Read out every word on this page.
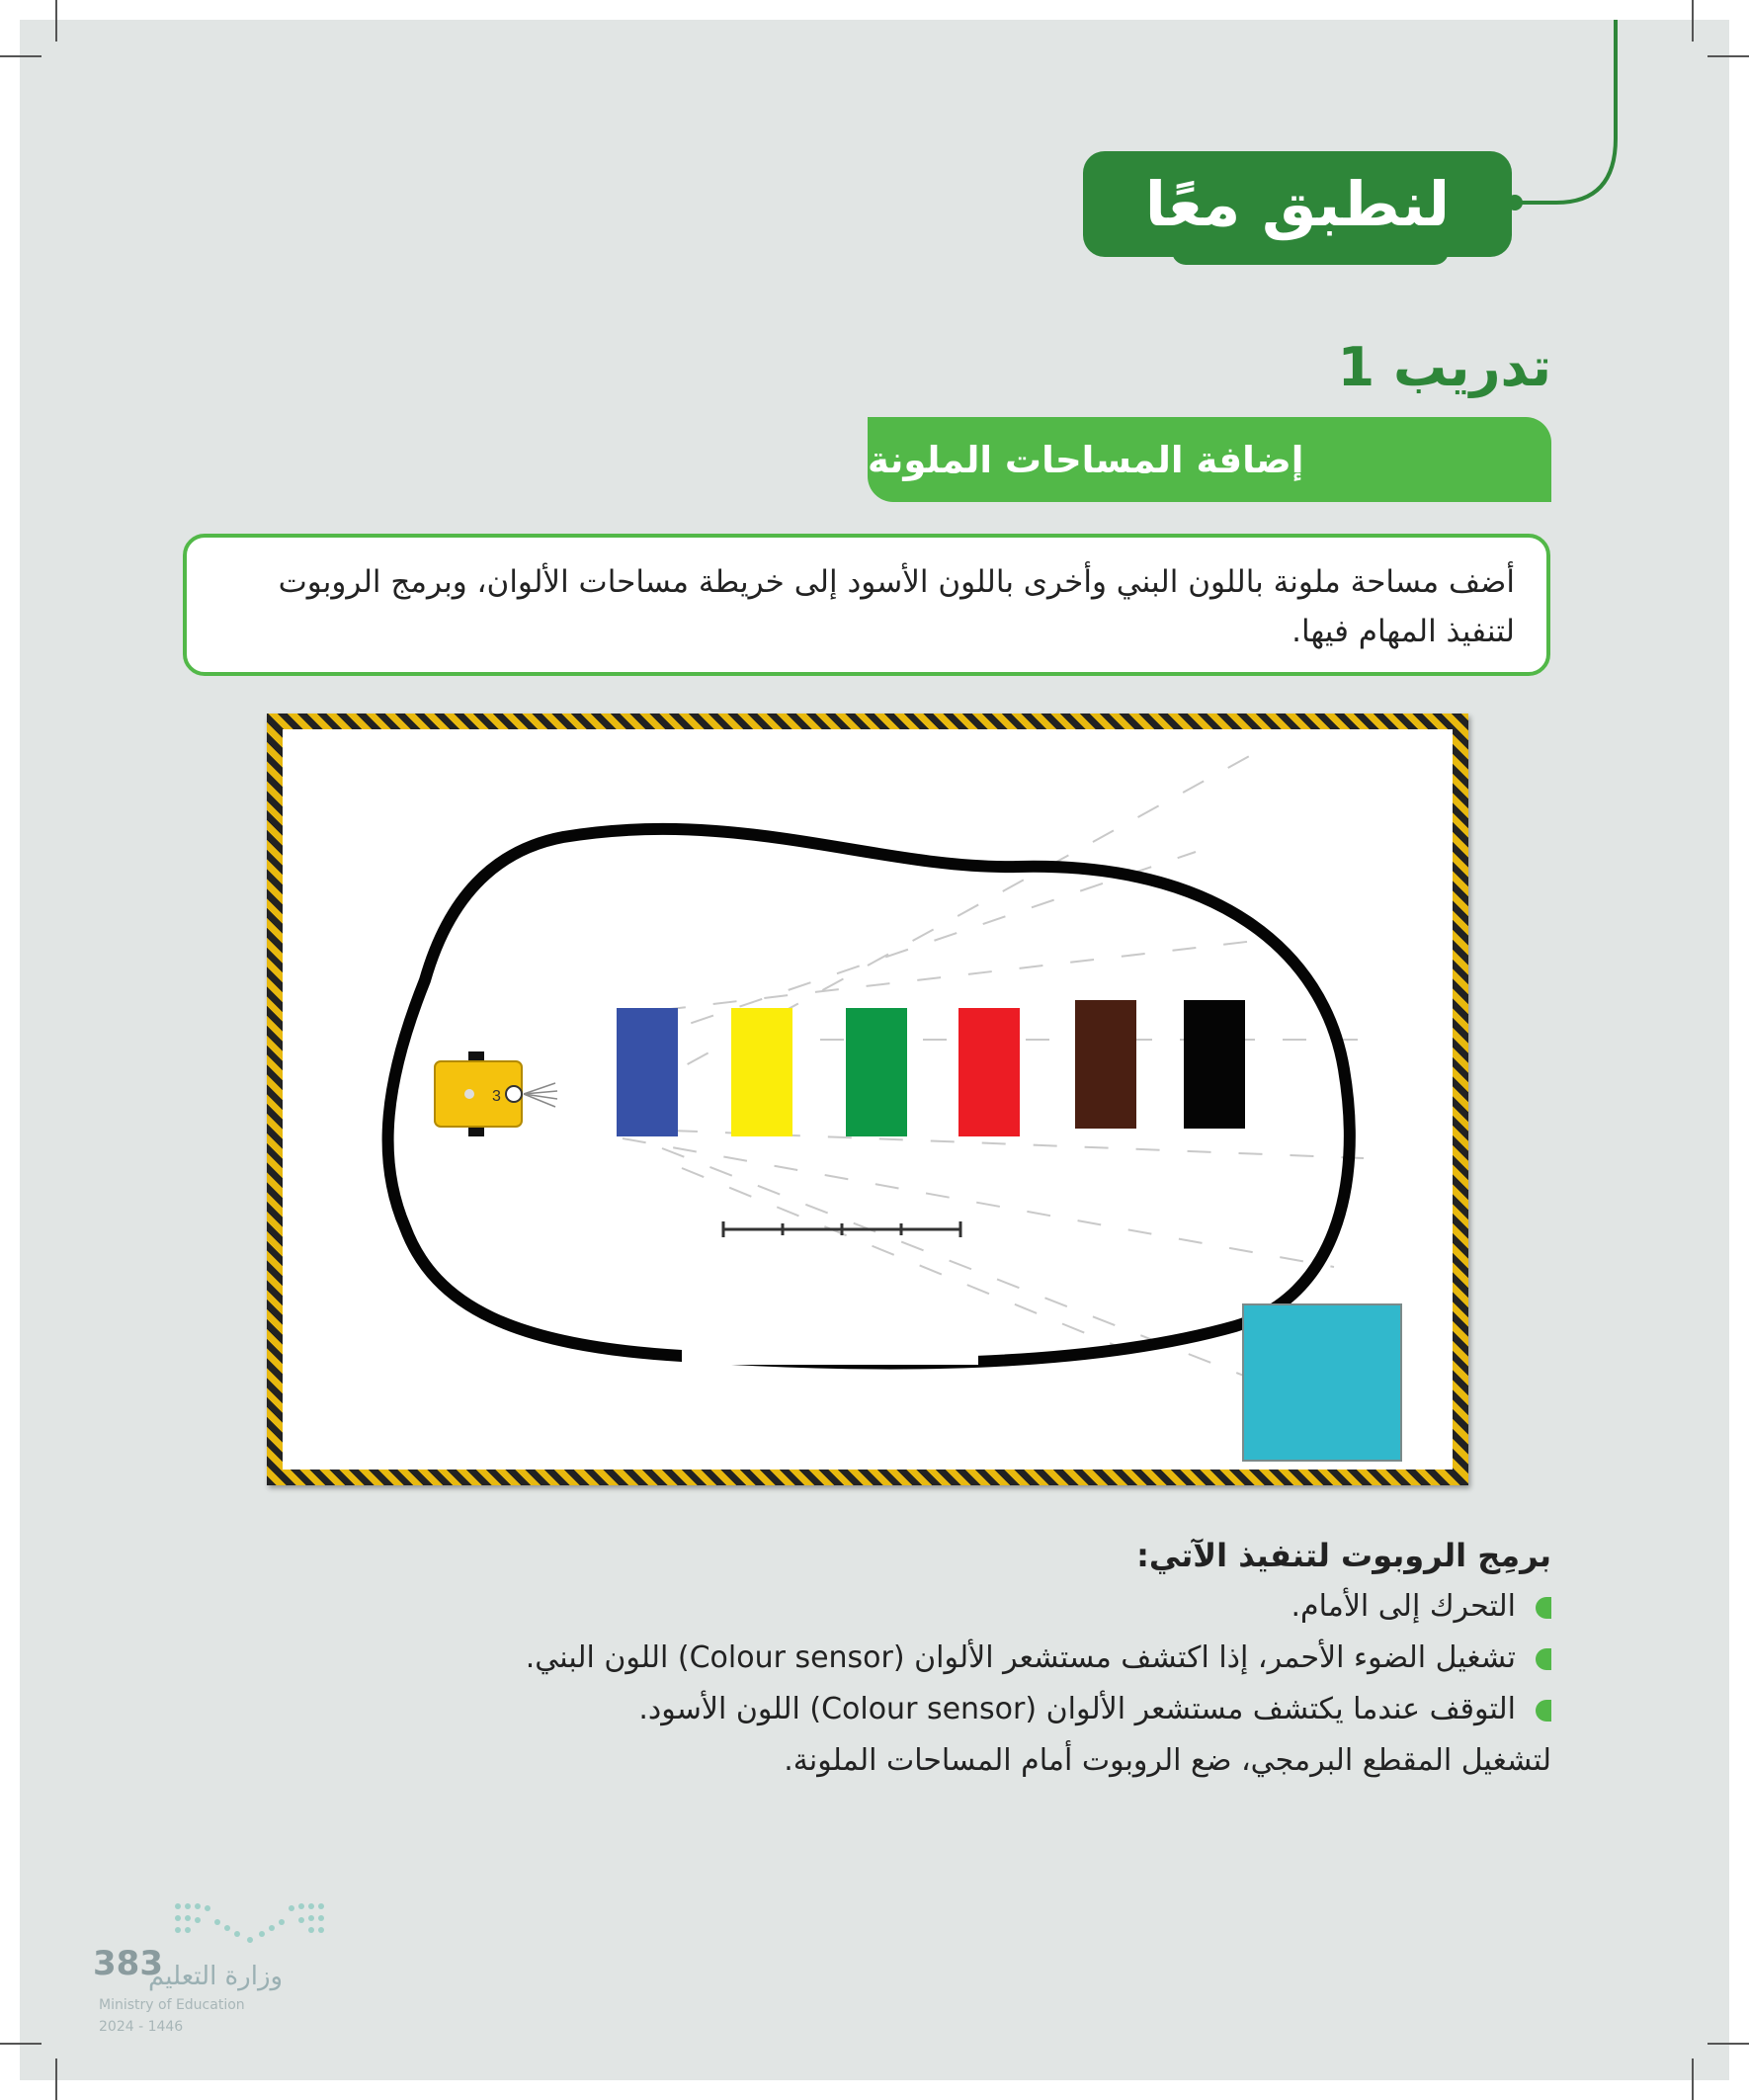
لنطبق معًا
تدريب 1
إضافة المساحات الملونة
أضف مساحة ملونة باللون البني وأخرى باللون الأسود إلى خريطة مساحات الألوان، وبرمج الروبوت
لتنفيذ المهام فيها.
3
برمِج الروبوت لتنفيذ الآتي:
التحرك إلى الأمام.
تشغيل الضوء الأحمر، إذا اكتشف مستشعر الألوان (Colour sensor) اللون البني.
التوقف عندما يكتشف مستشعر الألوان (Colour sensor) اللون الأسود.
لتشغيل المقطع البرمجي، ضع الروبوت أمام المساحات الملونة.
383
وزارة التعليم
Ministry of Education
2024 - 1446
